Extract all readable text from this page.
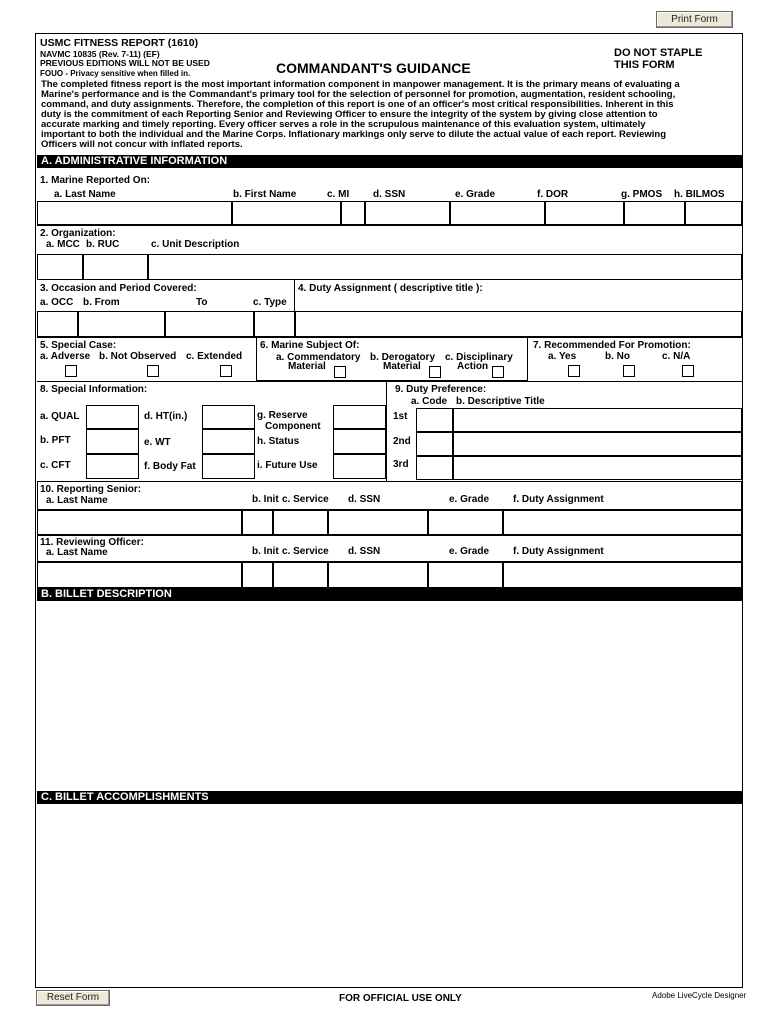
Print Form
USMC FITNESS REPORT (1610)
NAVMC 10835 (Rev. 7-11) (EF)
PREVIOUS EDITIONS WILL NOT BE USED
FOUO - Privacy sensitive when filled in.	COMMANDANT'S GUIDANCE
DO NOT STAPLE
THIS FORM
The completed fitness report is the most important information component in manpower management. It is the primary means of evaluating a
Marine's performance and is the Commandant's primary tool for the selection of personnel for promotion, augmentation, resident schooling,
command, and duty assignments. Therefore, the completion of this report is one of an officer's most critical responsibilities. Inherent in this
duty is the commitment of each Reporting Senior and Reviewing Officer to ensure the integrity of the system by giving close attention to
accurate marking and timely reporting. Every officer serves a role in the scrupulous maintenance of this evaluation system, ultimately
important to both the individual and the Marine Corps. Inflationary markings only serve to dilute the actual value of each report. Reviewing
Officers will not concur with inflated reports.
A. ADMINISTRATIVE INFORMATION
1. Marine Reported On:
a. Last Name	b. First Name	c. MI d. SSN	e. Grade	f. DOR	g. PMOS h. BILMOS
2. Organization:
a. MCC b. RUC	c. Unit Description
3. Occasion and Period Covered:
a. OCC b. From	To	c. Type
4. Duty Assignment ( descriptive title ):
5. Special Case:
a. Adverse b. Not Observed c. Extended
6. Marine Subject Of:
a. Commendatory
Material
b. Derogatory
Material
c. Disciplinary
Action
7. Recommended For Promotion:
a. Yes	b. No	c. N/A
8. Special Information:	9. Duty Preference:
a. Code b. Descriptive Title
a. QUAL
b. PFT
c. CFT
d. HT(in.)
e. WT
f. Body Fat
g. Reserve
Component
h. Status
i. Future Use
1st
2nd
3rd
10. Reporting Senior:
a. Last Name	b. Init c. Service d. SSN	e. Grade f. Duty Assignment
11. Reviewing Officer:
a. Last Name	b. Init c. Service d. SSN	e. Grade f. Duty Assignment
B. BILLET DESCRIPTION
C. BILLET ACCOMPLISHMENTS
Reset Form	FOR OFFICIAL USE ONLY	Adobe LiveCycle Designer
